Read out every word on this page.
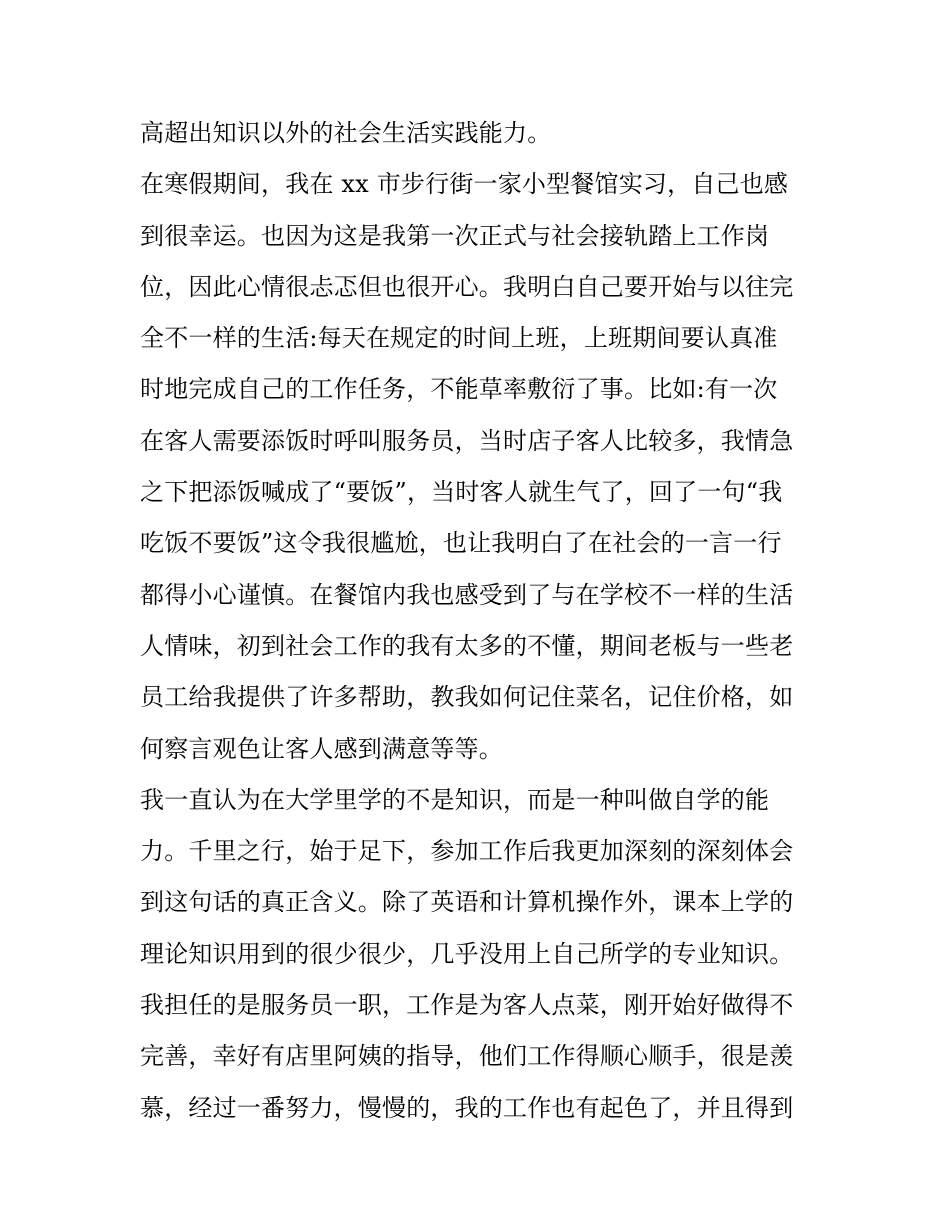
高超出知识以外的社会生活实践能力。
在寒假期间，我在 xx 市步行街一家小型餐馆实习，自己也感
到很幸运。也因为这是我第一次正式与社会接轨踏上工作岗
位，因此心情很忐忑但也很开心。我明白自己要开始与以往完
全不一样的生活:每天在规定的时间上班，上班期间要认真准
时地完成自己的工作任务，不能草率敷衍了事。比如:有一次
在客人需要添饭时呼叫服务员，当时店子客人比较多，我情急
之下把添饭喊成了“要饭”，当时客人就生气了，回了一句“我
吃饭不要饭”这令我很尴尬，也让我明白了在社会的一言一行
都得小心谨慎。在餐馆内我也感受到了与在学校不一样的生活
人情味，初到社会工作的我有太多的不懂，期间老板与一些老
员工给我提供了许多帮助，教我如何记住菜名，记住价格，如
何察言观色让客人感到满意等等。
我一直认为在大学里学的不是知识，而是一种叫做自学的能
力。千里之行，始于足下，参加工作后我更加深刻的深刻体会
到这句话的真正含义。除了英语和计算机操作外，课本上学的
理论知识用到的很少很少，几乎没用上自己所学的专业知识。
我担任的是服务员一职，工作是为客人点菜，刚开始好做得不
完善，幸好有店里阿姨的指导，他们工作得顺心顺手，很是羡
慕，经过一番努力，慢慢的，我的工作也有起色了，并且得到
